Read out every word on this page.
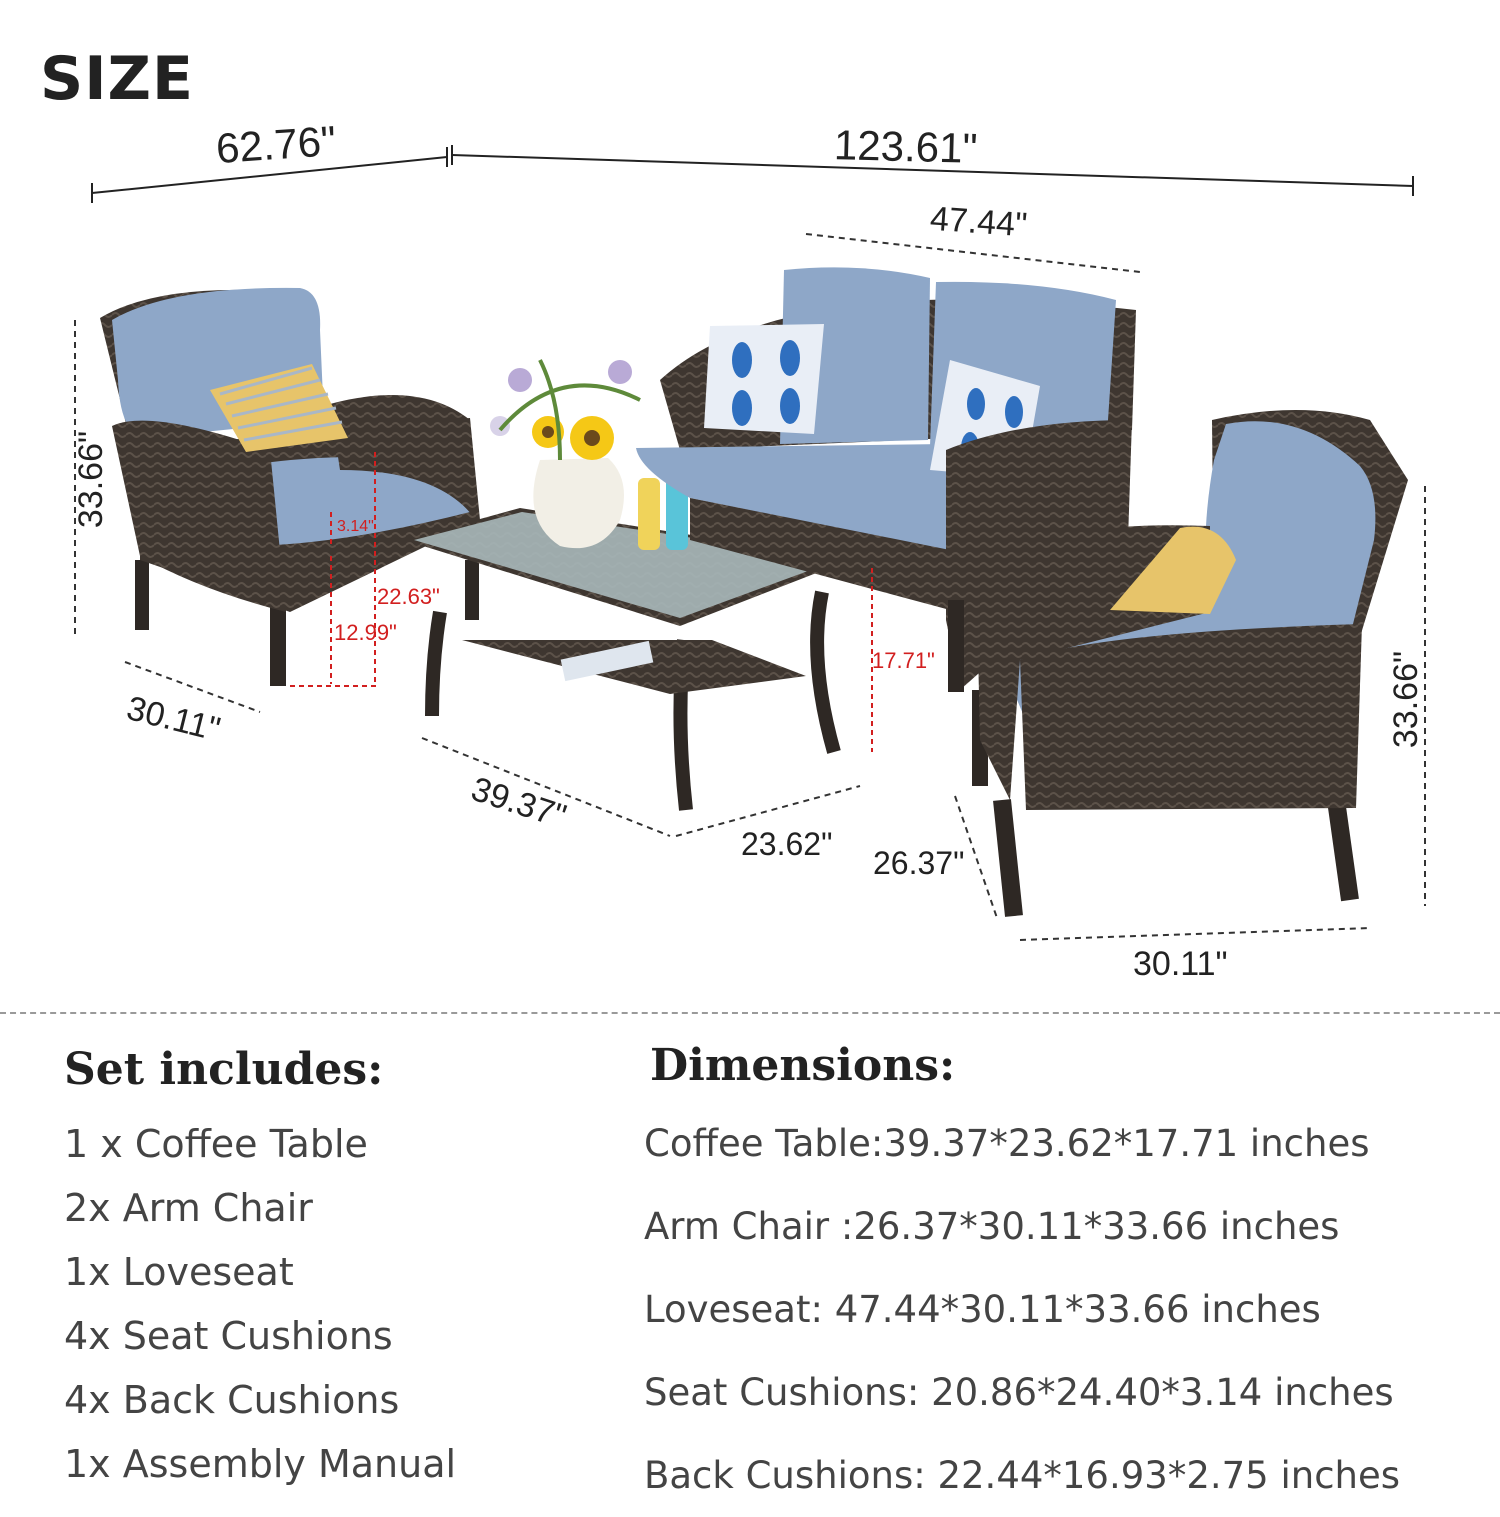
SIZE
62.76"	123.61"
47.44"
33.66"	3.14"
22.63"
12.99"
30.11"
39.37"
23.62"
17.71"
26.37"
30.11"
33.66"
Set includes:
1 x Coffee Table
2x Arm Chair
1x Loveseat
4x Seat Cushions
4x Back Cushions
1x Assembly Manual
Dimensions:
Coffee Table:39.37*23.62*17.71 inches
Arm Chair :26.37*30.11*33.66 inches
Loveseat: 47.44*30.11*33.66 inches
Seat Cushions: 20.86*24.40*3.14 inches
Back Cushions: 22.44*16.93*2.75 inches
